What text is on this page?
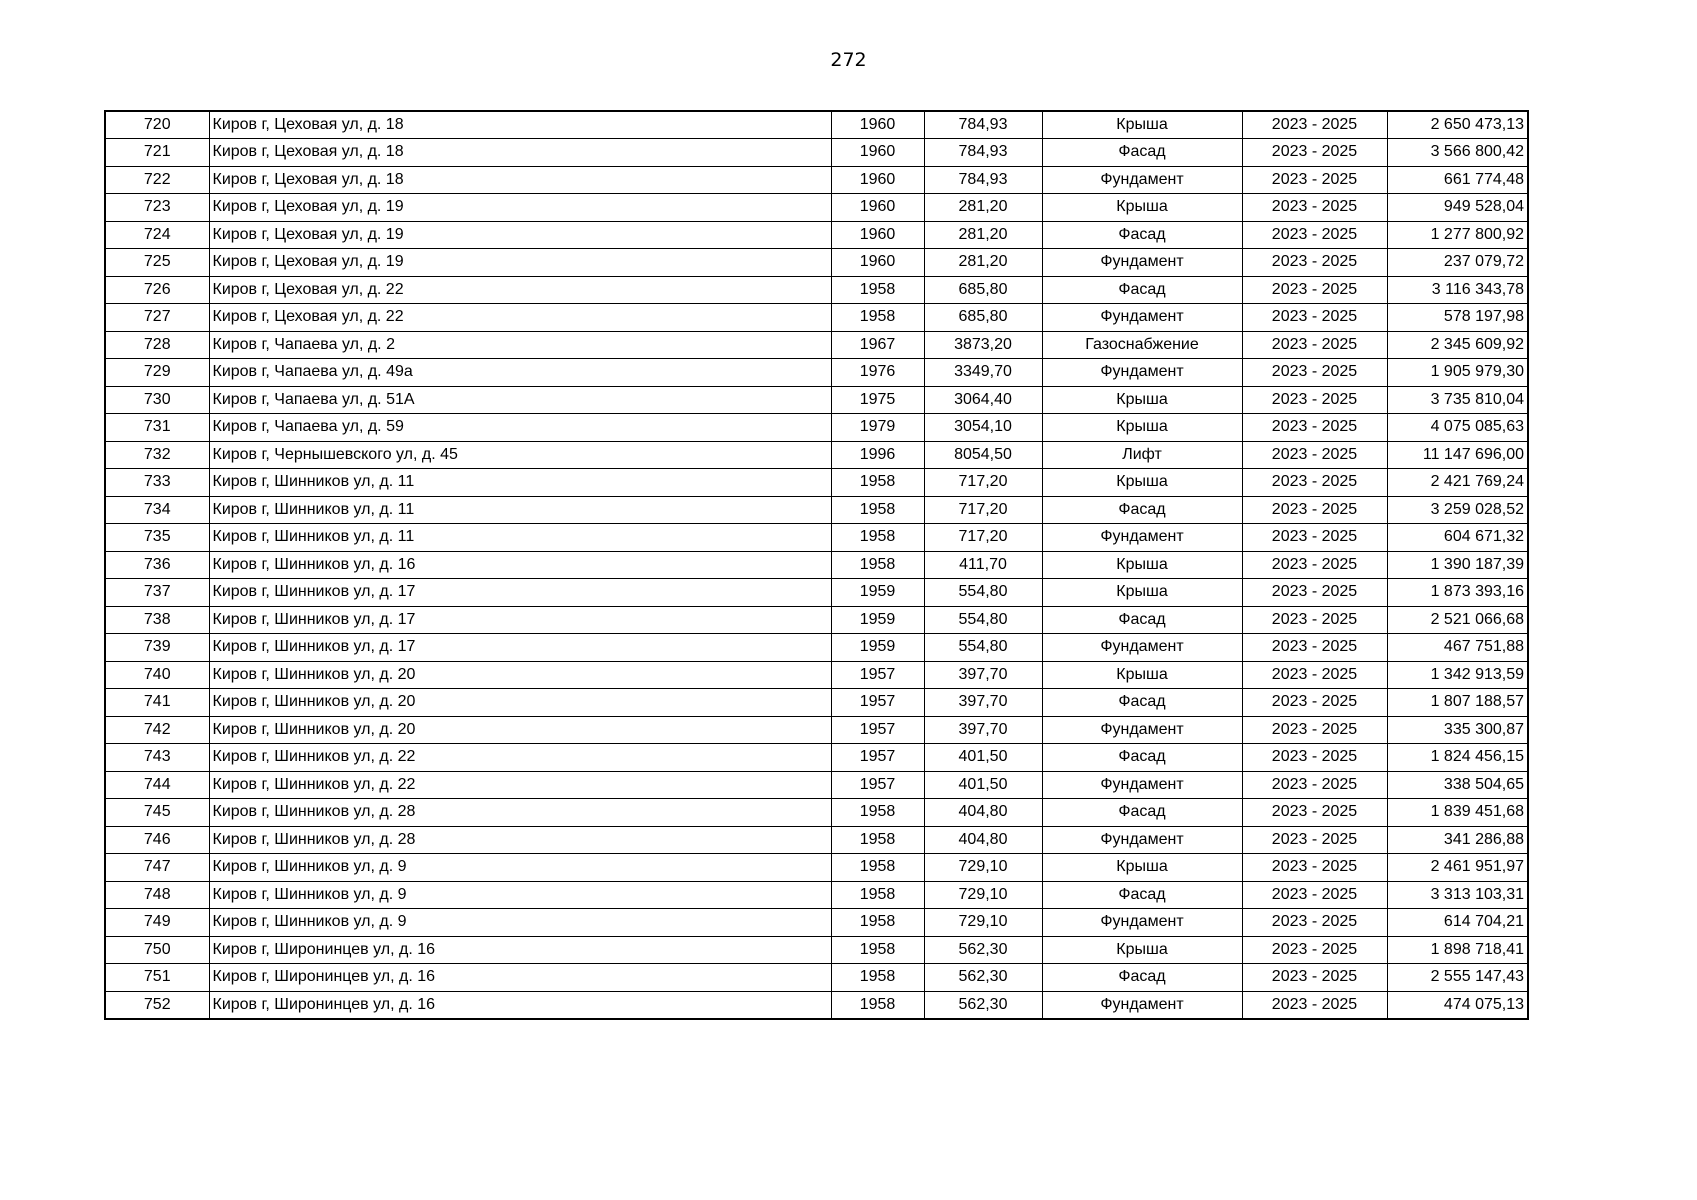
272
720	Киров г, Цеховая ул, д. 18	1960	784,93	Крыша	2023 - 2025	2 650 473,13
721	Киров г, Цеховая ул, д. 18	1960	784,93	Фасад	2023 - 2025	3 566 800,42
722	Киров г, Цеховая ул, д. 18	1960	784,93	Фундамент	2023 - 2025	661 774,48
723	Киров г, Цеховая ул, д. 19	1960	281,20	Крыша	2023 - 2025	949 528,04
724	Киров г, Цеховая ул, д. 19	1960	281,20	Фасад	2023 - 2025	1 277 800,92
725	Киров г, Цеховая ул, д. 19	1960	281,20	Фундамент	2023 - 2025	237 079,72
726	Киров г, Цеховая ул, д. 22	1958	685,80	Фасад	2023 - 2025	3 116 343,78
727	Киров г, Цеховая ул, д. 22	1958	685,80	Фундамент	2023 - 2025	578 197,98
728	Киров г, Чапаева ул, д. 2	1967	3873,20	Газоснабжение	2023 - 2025	2 345 609,92
729	Киров г, Чапаева ул, д. 49а	1976	3349,70	Фундамент	2023 - 2025	1 905 979,30
730	Киров г, Чапаева ул, д. 51А	1975	3064,40	Крыша	2023 - 2025	3 735 810,04
731	Киров г, Чапаева ул, д. 59	1979	3054,10	Крыша	2023 - 2025	4 075 085,63
732	Киров г, Чернышевского ул, д. 45	1996	8054,50	Лифт	2023 - 2025	11 147 696,00
733	Киров г, Шинников ул, д. 11	1958	717,20	Крыша	2023 - 2025	2 421 769,24
734	Киров г, Шинников ул, д. 11	1958	717,20	Фасад	2023 - 2025	3 259 028,52
735	Киров г, Шинников ул, д. 11	1958	717,20	Фундамент	2023 - 2025	604 671,32
736	Киров г, Шинников ул, д. 16	1958	411,70	Крыша	2023 - 2025	1 390 187,39
737	Киров г, Шинников ул, д. 17	1959	554,80	Крыша	2023 - 2025	1 873 393,16
738	Киров г, Шинников ул, д. 17	1959	554,80	Фасад	2023 - 2025	2 521 066,68
739	Киров г, Шинников ул, д. 17	1959	554,80	Фундамент	2023 - 2025	467 751,88
740	Киров г, Шинников ул, д. 20	1957	397,70	Крыша	2023 - 2025	1 342 913,59
741	Киров г, Шинников ул, д. 20	1957	397,70	Фасад	2023 - 2025	1 807 188,57
742	Киров г, Шинников ул, д. 20	1957	397,70	Фундамент	2023 - 2025	335 300,87
743	Киров г, Шинников ул, д. 22	1957	401,50	Фасад	2023 - 2025	1 824 456,15
744	Киров г, Шинников ул, д. 22	1957	401,50	Фундамент	2023 - 2025	338 504,65
745	Киров г, Шинников ул, д. 28	1958	404,80	Фасад	2023 - 2025	1 839 451,68
746	Киров г, Шинников ул, д. 28	1958	404,80	Фундамент	2023 - 2025	341 286,88
747	Киров г, Шинников ул, д. 9	1958	729,10	Крыша	2023 - 2025	2 461 951,97
748	Киров г, Шинников ул, д. 9	1958	729,10	Фасад	2023 - 2025	3 313 103,31
749	Киров г, Шинников ул, д. 9	1958	729,10	Фундамент	2023 - 2025	614 704,21
750	Киров г, Широнинцев ул, д. 16	1958	562,30	Крыша	2023 - 2025	1 898 718,41
751	Киров г, Широнинцев ул, д. 16	1958	562,30	Фасад	2023 - 2025	2 555 147,43
752	Киров г, Широнинцев ул, д. 16	1958	562,30	Фундамент	2023 - 2025	474 075,13
